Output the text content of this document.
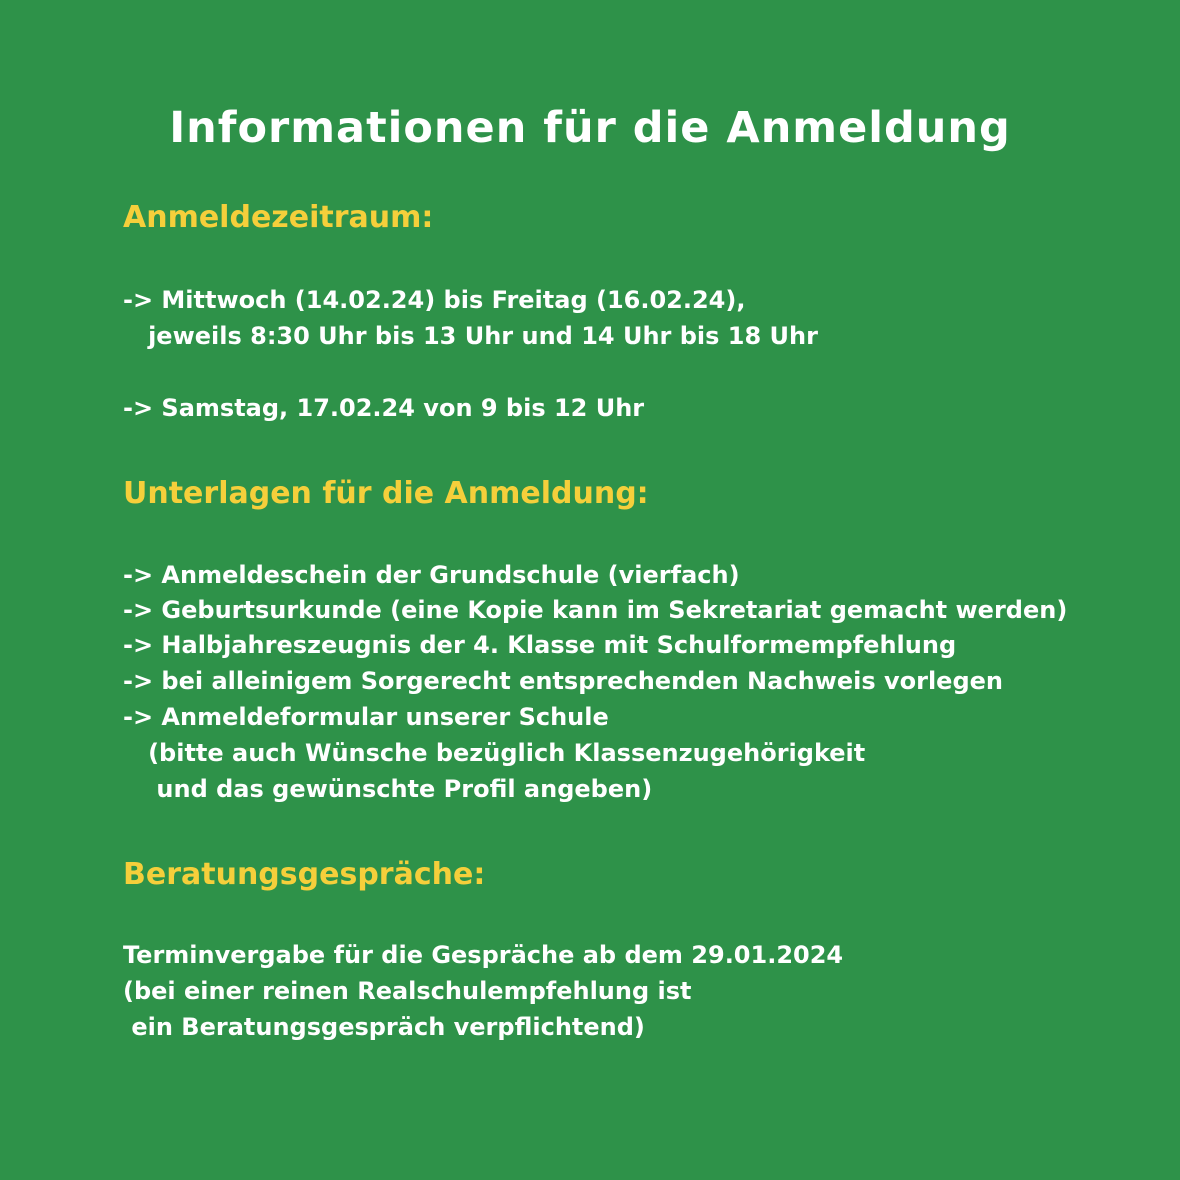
Informationen für die Anmeldung
Anmeldezeitraum:
-> Mittwoch (14.02.24) bis Freitag (16.02.24),
jeweils 8:30 Uhr bis 13 Uhr und 14 Uhr bis 18 Uhr
-> Samstag, 17.02.24 von 9 bis 12 Uhr
Unterlagen für die Anmeldung:
-> Anmeldeschein der Grundschule (vierfach)
-> Geburtsurkunde (eine Kopie kann im Sekretariat gemacht werden)
-> Halbjahreszeugnis der 4. Klasse mit Schulformempfehlung
-> bei alleinigem Sorgerecht entsprechenden Nachweis vorlegen
-> Anmeldeformular unserer Schule
(bitte auch Wünsche bezüglich Klassenzugehörigkeit
und das gewünschte Profil angeben)
Beratungsgespräche:
Terminvergabe für die Gespräche ab dem 29.01.2024
(bei einer reinen Realschulempfehlung ist
ein Beratungsgespräch verpflichtend)
